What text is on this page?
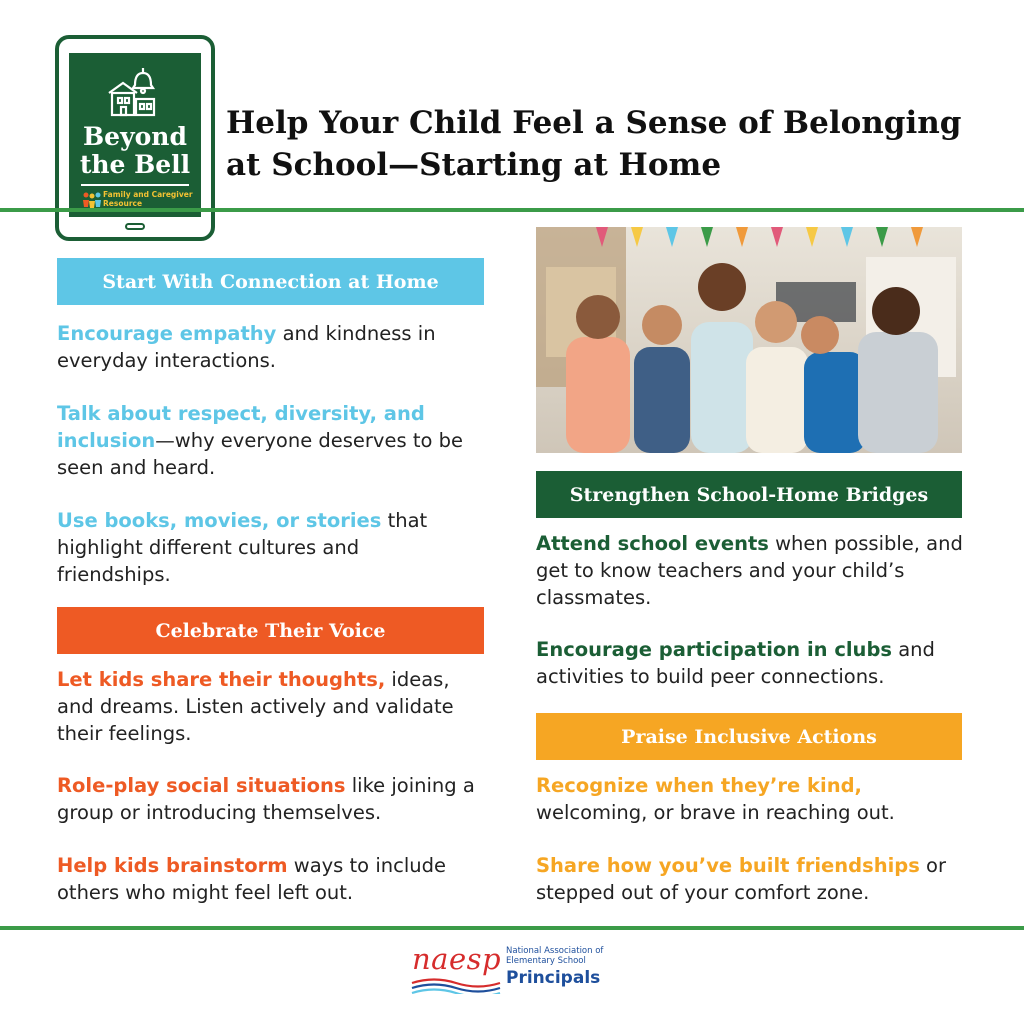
Beyond the Bell
Family and Caregiver Resource
Help Your Child Feel a Sense of Belonging
at School—Starting at Home
Start With Connection at Home
Encourage empathy and kindness in everyday interactions.
Talk about respect, diversity, and inclusion—why everyone deserves to be seen and heard.
Use books, movies, or stories that highlight different cultures and friendships.
Celebrate Their Voice
Let kids share their thoughts, ideas, and dreams. Listen actively and validate their feelings.
Role-play social situations like joining a group or introducing themselves.
Help kids brainstorm ways to include others who might feel left out.
Strengthen School-Home Bridges
Attend school events when possible, and get to know teachers and your child’s classmates.
Encourage participation in clubs and activities to build peer connections.
Praise Inclusive Actions
Recognize when they’re kind, welcoming, or brave in reaching out.
Share how you’ve built friendships or stepped out of your comfort zone.
naesp National Association of
Elementary School
Principals
